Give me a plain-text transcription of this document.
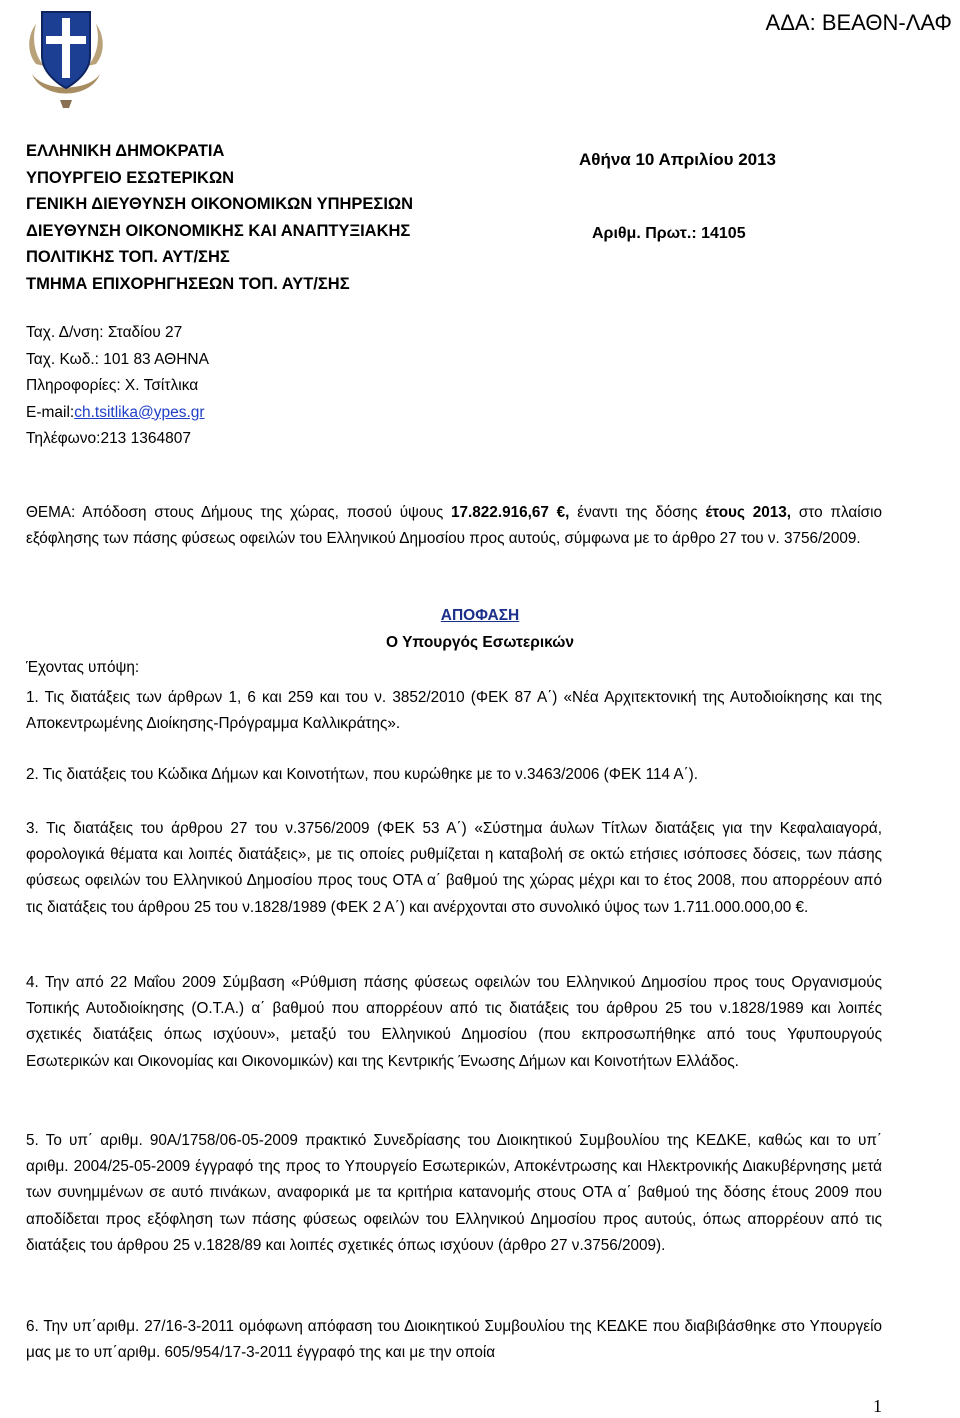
ΑΔΑ: ΒΕΑΘΝ-ΛΑΦ
ΕΛΛΗΝΙΚΗ ΔΗΜΟΚΡΑΤΙΑ
ΥΠΟΥΡΓΕΙΟ ΕΣΩΤΕΡΙΚΩΝ
ΓΕΝΙΚΗ ΔΙΕΥΘΥΝΣΗ ΟΙΚΟΝΟΜΙΚΩΝ ΥΠΗΡΕΣΙΩΝ
ΔΙΕΥΘΥΝΣΗ ΟΙΚΟΝΟΜΙΚΗΣ ΚΑΙ ΑΝΑΠΤΥΞΙΑΚΗΣ
ΠΟΛΙΤΙΚΗΣ ΤΟΠ. ΑΥΤ/ΣΗΣ
ΤΜΗΜΑ ΕΠΙΧΟΡΗΓΗΣΕΩΝ ΤΟΠ. ΑΥΤ/ΣΗΣ
Αθήνα 10 Απριλίου 2013
Αριθμ. Πρωτ.: 14105
Ταχ. Δ/νση: Σταδίου 27
Ταχ. Κωδ.: 101 83 ΑΘΗΝΑ
Πληροφορίες: Χ. Τσίτλικα
E-mail:ch.tsitlika@ypes.gr
Τηλέφωνο:213 1364807
ΘΕΜΑ: Απόδοση στους Δήμους της χώρας, ποσού ύψους 17.822.916,67 €, έναντι της δόσης έτους 2013, στο πλαίσιο εξόφλησης των πάσης φύσεως οφειλών του Ελληνικού Δημοσίου προς αυτούς, σύμφωνα με το άρθρο 27 του ν. 3756/2009.
ΑΠΟΦΑΣΗ
Ο Υπουργός Εσωτερικών
Έχοντας υπόψη:
1. Τις διατάξεις των άρθρων 1, 6 και 259 και του ν. 3852/2010 (ΦΕΚ 87 Α΄) «Νέα Αρχιτεκτονική της Αυτοδιοίκησης και της Αποκεντρωμένης Διοίκησης-Πρόγραμμα Καλλικράτης».
2. Τις διατάξεις του Κώδικα Δήμων και Κοινοτήτων, που κυρώθηκε με το ν.3463/2006 (ΦΕΚ 114 Α΄).
3. Τις διατάξεις του άρθρου 27 του ν.3756/2009 (ΦΕΚ 53 Α΄) «Σύστημα άυλων Τίτλων διατάξεις για την Κεφαλαιαγορά, φορολογικά θέματα και λοιπές διατάξεις», με τις οποίες ρυθμίζεται η καταβολή σε οκτώ ετήσιες ισόποσες δόσεις, των πάσης φύσεως οφειλών του Ελληνικού Δημοσίου προς τους ΟΤΑ α΄ βαθμού της χώρας μέχρι και το έτος 2008, που απορρέουν από τις διατάξεις του άρθρου 25 του ν.1828/1989 (ΦΕΚ 2 Α΄) και ανέρχονται στο συνολικό ύψος των 1.711.000.000,00 €.
4. Την από 22 Μαΐου 2009 Σύμβαση «Ρύθμιση πάσης φύσεως οφειλών του Ελληνικού Δημοσίου προς τους Οργανισμούς Τοπικής Αυτοδιοίκησης (Ο.Τ.Α.) α΄ βαθμού που απορρέουν από τις διατάξεις του άρθρου 25 του ν.1828/1989 και λοιπές σχετικές διατάξεις όπως ισχύουν», μεταξύ του Ελληνικού Δημοσίου (που εκπροσωπήθηκε από τους Υφυπουργούς Εσωτερικών και Οικονομίας και Οικονομικών) και της Κεντρικής Ένωσης Δήμων και Κοινοτήτων Ελλάδος.
5. Το υπ΄ αριθμ. 90Α/1758/06-05-2009 πρακτικό Συνεδρίασης του Διοικητικού Συμβουλίου της ΚΕΔΚΕ, καθώς και το υπ΄ αριθμ. 2004/25-05-2009 έγγραφό της προς το Υπουργείο Εσωτερικών, Αποκέντρωσης και Ηλεκτρονικής Διακυβέρνησης μετά των συνημμένων σε αυτό πινάκων, αναφορικά με τα κριτήρια κατανομής στους ΟΤΑ α΄ βαθμού της δόσης έτους 2009 που αποδίδεται προς εξόφληση των πάσης φύσεως οφειλών του Ελληνικού Δημοσίου προς αυτούς, όπως απορρέουν από τις διατάξεις του άρθρου 25 ν.1828/89 και λοιπές σχετικές όπως ισχύουν (άρθρο 27 ν.3756/2009).
6. Την υπ΄αριθμ. 27/16-3-2011 ομόφωνη απόφαση του Διοικητικού Συμβουλίου της ΚΕΔΚΕ που διαβιβάσθηκε στο Υπουργείο μας με το υπ΄αριθμ. 605/954/17-3-2011 έγγραφό της και με την οποία
1
